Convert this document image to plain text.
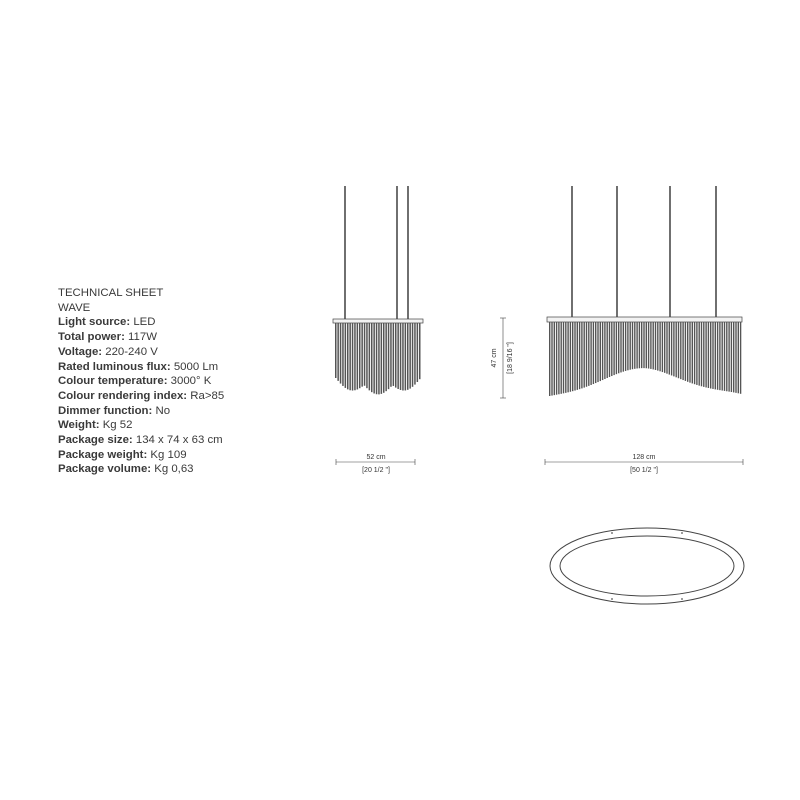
TECHNICAL SHEET
WAVE
Light source: LED
Total power: 117W
Voltage: 220-240 V
Rated luminous flux: 5000 Lm
Colour temperature: 3000° K
Colour rendering index: Ra>85
Dimmer function: No
Weight: Kg 52
Package size: 134 x 74 x 63 cm
Package weight: Kg 109
Package volume: Kg 0,63
47 cm [18 9/16 "]
52 cm
[20 1/2 "]
128 cm
[50 1/2 "]
